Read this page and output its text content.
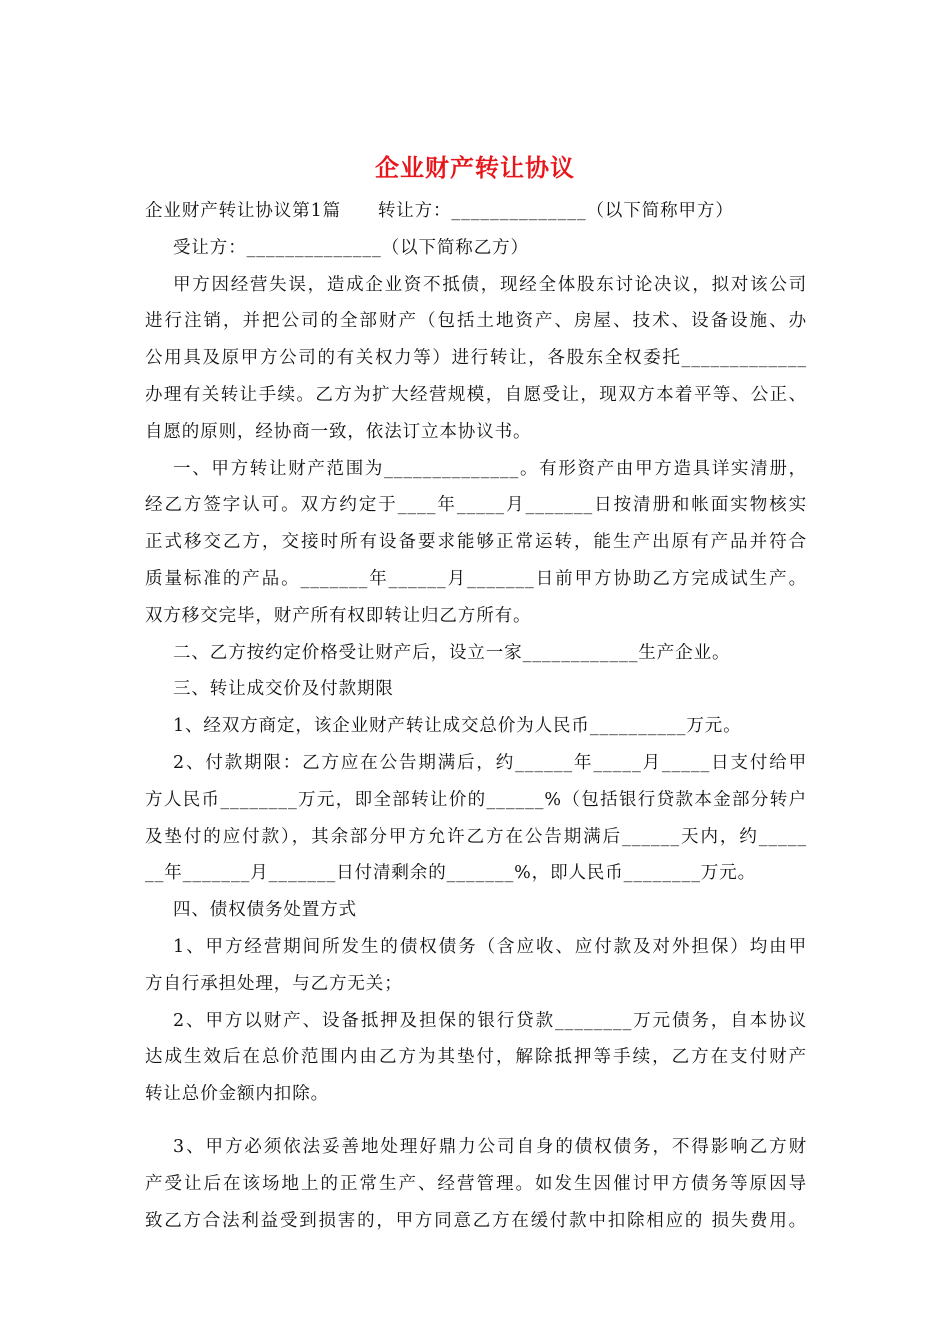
企业财产转让协议
企业财产转让协议第1篇　　转让方：______________（以下简称甲方）
受让方：______________（以下简称乙方）
甲方因经营失误，造成企业资不抵债，现经全体股东讨论决议，拟对该公司
进行注销，并把公司的全部财产（包括土地资产、房屋、技术、设备设施、办
公用具及原甲方公司的有关权力等）进行转让，各股东全权委托_____________
办理有关转让手续。乙方为扩大经营规模，自愿受让，现双方本着平等、公正、
自愿的原则，经协商一致，依法订立本协议书。
一、甲方转让财产范围为______________。有形资产由甲方造具详实清册，
经乙方签字认可。双方约定于____年_____月_______日按清册和帐面实物核实
正式移交乙方，交接时所有设备要求能够正常运转，能生产出原有产品并符合
质量标准的产品。_______年______月_______日前甲方协助乙方完成试生产。
双方移交完毕，财产所有权即转让归乙方所有。
二、乙方按约定价格受让财产后，设立一家____________生产企业。
三、转让成交价及付款期限
1、经双方商定，该企业财产转让成交总价为人民币__________万元。
2、付款期限：乙方应在公告期满后，约______年_____月_____日支付给甲
方人民币________万元，即全部转让价的______%（包括银行贷款本金部分转户
及垫付的应付款），其余部分甲方允许乙方在公告期满后______天内，约_____
__年_______月_______日付清剩余的_______%，即人民币________万元。
四、债权债务处置方式
1、甲方经营期间所发生的债权债务（含应收、应付款及对外担保）均由甲
方自行承担处理，与乙方无关；
2、甲方以财产、设备抵押及担保的银行贷款________万元债务，自本协议
达成生效后在总价范围内由乙方为其垫付，解除抵押等手续，乙方在支付财产
转让总价金额内扣除。
3、甲方必须依法妥善地处理好鼎力公司自身的债权债务，不得影响乙方财
产受让后在该场地上的正常生产、经营管理。如发生因催讨甲方债务等原因导
致乙方合法利益受到损害的，甲方同意乙方在缓付款中扣除相应的 损失费用。
